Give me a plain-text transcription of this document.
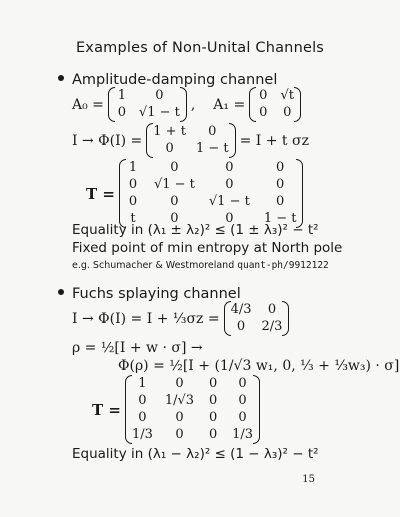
Examples of Non-Unital Channels
Amplitude-damping channel
A₀ =
1	0
0 √1 − t , A₁ =
0 √t
0 0
I → Φ(I) =
1 + t	0
0	1 − t = I + t σz
T =
1	0	0	0
0 √1 − t	0	0
0	0	√1 − t	0
t	0	0	1 − t
Equality in (λ₁ ± λ₂)² ≤ (1 ± λ₃)² − t²
Fixed point of min entropy at North pole
e.g. Schumacher & Westmoreland quant-ph/9912122
Fuchs splaying channel
I → Φ(I) = I + ⅓σz =
4/3	0
0	2/3
ρ = ½[I + w · σ] →
Φ(ρ) = ½[I + (1/√3 w₁, 0, ⅓ + ⅓w₃) · σ]
T =
1	0	0	0
0	1/√3 0	0
0	0	0	0
1/3	0	0 1/3
Equality in (λ₁ − λ₂)² ≤ (1 − λ₃)² − t²
15
